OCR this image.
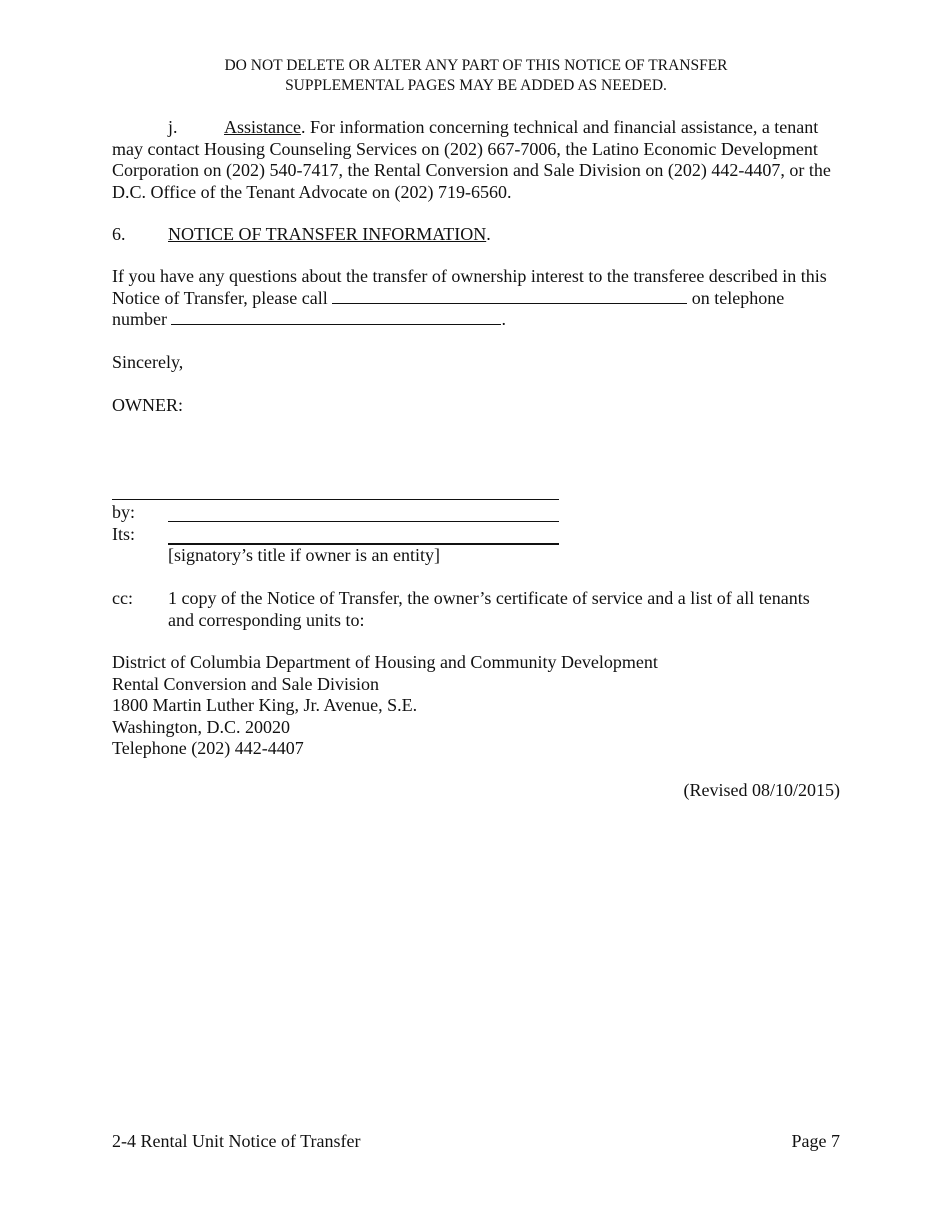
DO NOT DELETE OR ALTER ANY PART OF THIS NOTICE OF TRANSFER
SUPPLEMENTAL PAGES MAY BE ADDED AS NEEDED.
j.	Assistance. For information concerning technical and financial assistance, a tenant may contact Housing Counseling Services on (202) 667-7006, the Latino Economic Development Corporation on (202) 540-7417, the Rental Conversion and Sale Division on (202) 442-4407, or the D.C. Office of the Tenant Advocate on (202) 719-6560.
6. NOTICE OF TRANSFER INFORMATION.
If you have any questions about the transfer of ownership interest to the transferee described in this Notice of Transfer, please call	on telephone number	.
Sincerely,
OWNER:
by:
Its:
[signatory’s title if owner is an entity]
cc: 1 copy of the Notice of Transfer, the owner’s certificate of service and a list of all tenants and corresponding units to:
District of Columbia Department of Housing and Community Development
Rental Conversion and Sale Division
1800 Martin Luther King, Jr. Avenue, S.E.
Washington, D.C. 20020
Telephone (202) 442-4407
(Revised 08/10/2015)
2-4 Rental Unit Notice of Transfer	Page 7
